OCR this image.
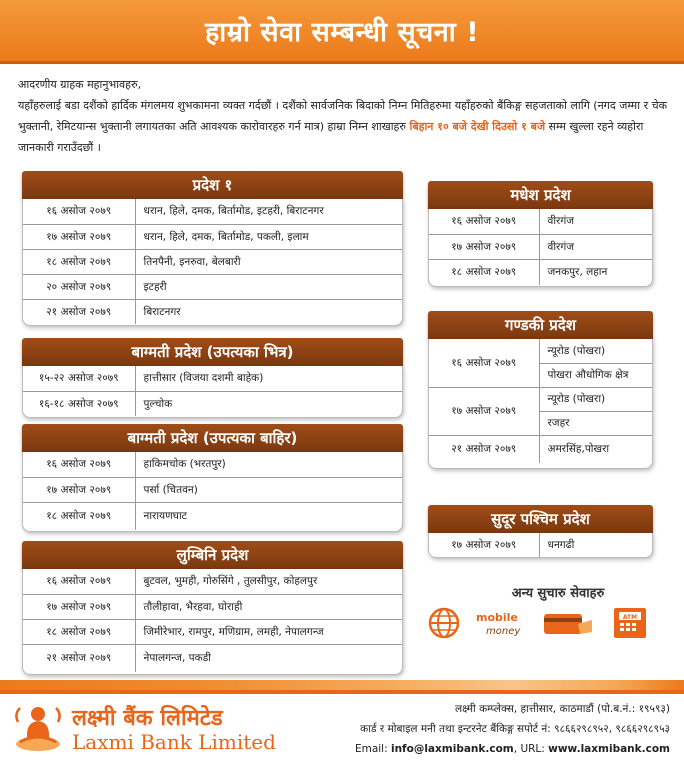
हाम्रो सेवा सम्बन्धी सूचना !
आदरणीय ग्राहक महानुभावहरु,
यहाँहरुलाई बडा दशैंको हार्दिक मंगलमय शुभकामना व्यक्त गर्दछौं । दशैंको सार्वजनिक बिदाको निम्न मितिहरुमा यहाँहरुको बैंकिङ्ग सहजताको लागि (नगद जम्मा र चेक भुक्तानी, रेमिटयान्स भुक्तानी लगायतका अति आवश्यक कारोवारहरु गर्न मात्र) हाम्रा निम्न शाखाहरु बिहान १० बजे देखी दिउसो १ बजे सम्म खुल्ला रहने व्यहोरा जानकारी गराउँदछौं ।
प्रदेश १
१६ असोज २०७९	धरान, हिले, दमक, बिर्तामोड, इटहरी, बिराटनगर
१७ असोज २०७९	धरान, हिले, दमक, बिर्तामोड, पकली, इलाम
१८ असोज २०७९	तिनपैनी, इनरुवा, बेलबारी
२० असोज २०७९	इटहरी
२१ असोज २०७९	बिराटनगर
बाग्मती प्रदेश (उपत्यका भित्र)
१५-२२ असोज २०७९	हात्तीसार (विजया दशमी बाहेक)
१६-१८ असोज २०७९	पुल्चोक
बाग्मती प्रदेश (उपत्यका बाहिर)
१६ असोज २०७९	हाकिमचोक (भरतपुर)
१७ असोज २०७९	पर्सा (चितवन)
१८ असोज २०७९	नारायणघाट
लुम्बिनि प्रदेश
१६ असोज २०७९	बुटवल, भुमही, गोरुसिंगे , तुलसीपुर, कोहलपुर
१७ असोज २०७९	तौलीहावा, भैरहवा, घोराही
१८ असोज २०७९	जिमीरेभार, रामपुर, मणिग्राम, लमही, नेपालगन्ज
२१ असोज २०७९	नेपालगन्ज, पकडी
मधेश प्रदेश
१६ असोज २०७९	वीरगंज
१७ असोज २०७९	वीरगंज
१८ असोज २०७९	जनकपुर, लहान
गण्डकी प्रदेश
१६ असोज २०७९	न्यूरोड (पोखरा)
	पोखरा औधोगिक क्षेत्र
१७ असोज २०७९	न्यूरोड (पोखरा)
	रजहर
२१ असोज २०७९	अमरसिंह,पोखरा
सुदूर पश्चिम प्रदेश
१७ असोज २०७९	धनगढी
अन्य सुचारु सेवाहरु
mobile
money
ATM
लक्ष्मी बैंक लिमिटेड
Laxmi Bank Limited
लक्ष्मी कम्प्लेक्स, हात्तीसार, काठमाडौं (पो.ब.नं.: १९५९३)
कार्ड र मोबाइल मनी तथा इन्टरनेट बैंकिङ्ग सपोर्ट नं: ९८६६२९८९५२, ९८६६२९८९५३
Email: info@laxmibank.com, URL: www.laxmibank.com
